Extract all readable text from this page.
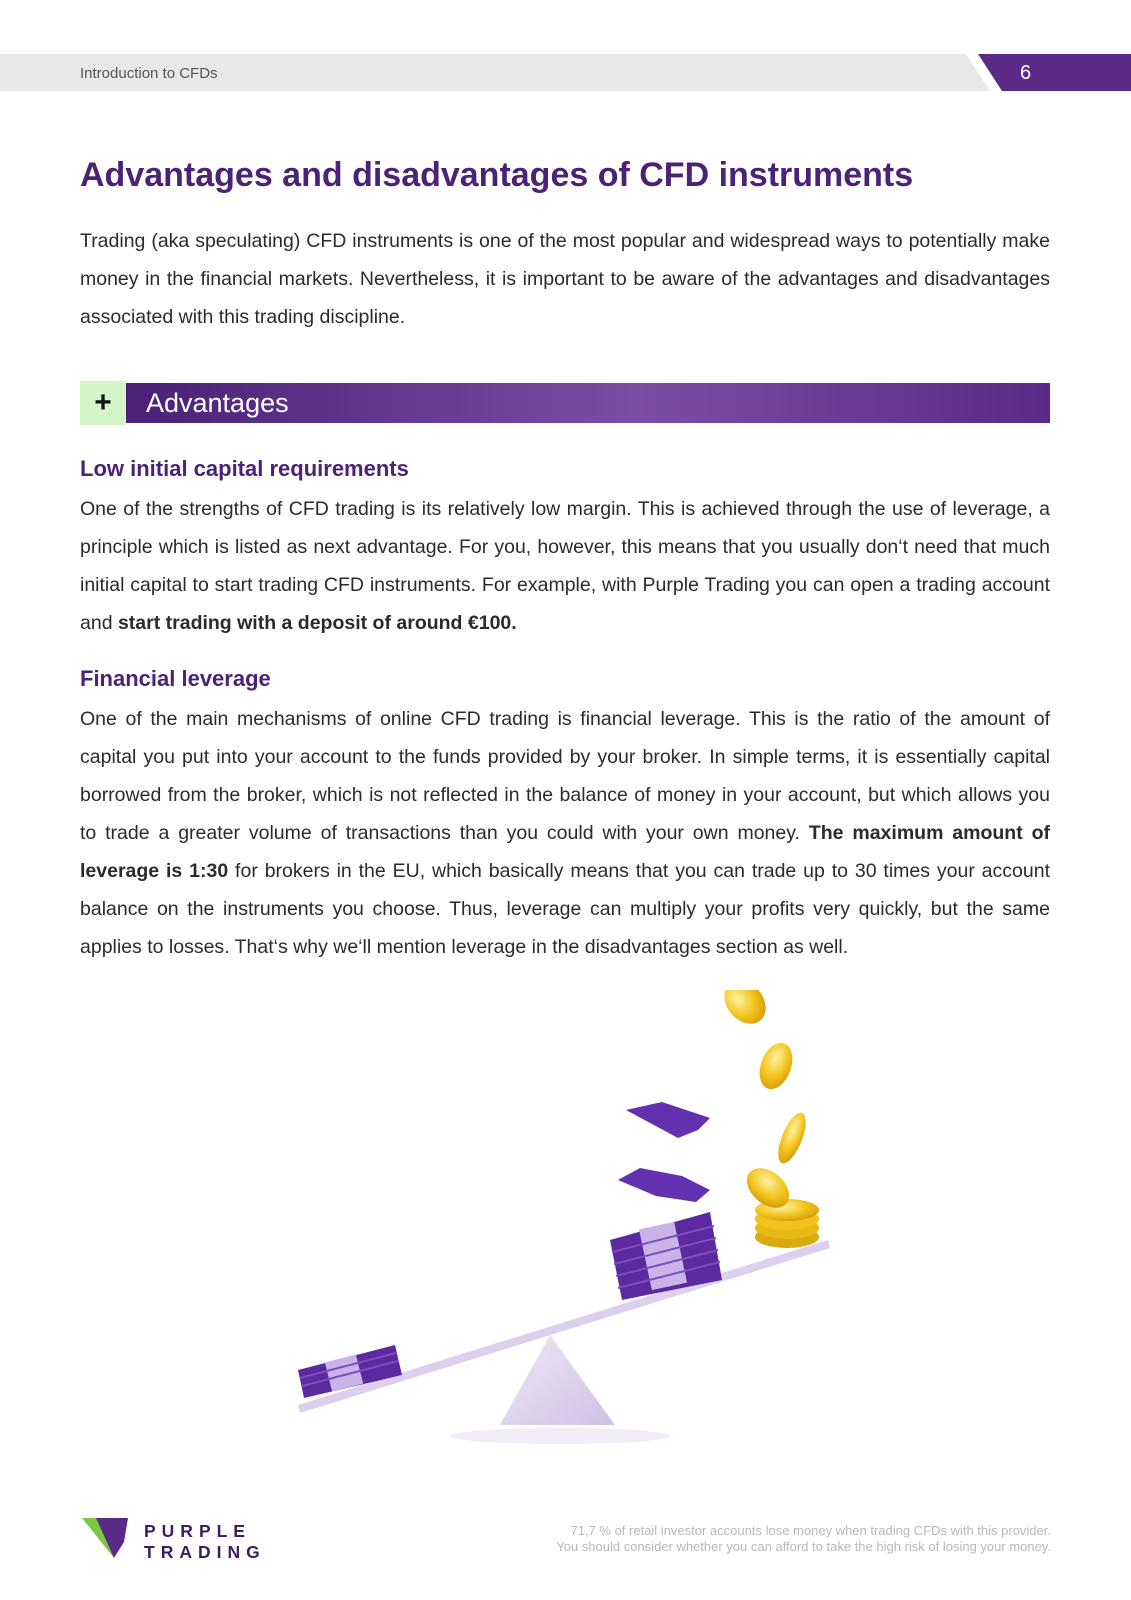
Introduction to CFDs	6
Advantages and disadvantages of CFD instruments

Trading (aka speculating) CFD instruments is one of the most popular and widespread ways to potentially make money in the financial markets. Nevertheless, it is important to be aware of the advantages and disadvantages associated with this trading discipline.

+	Advantages
Low initial capital requirements

One of the strengths of CFD trading is its relatively low margin. This is achieved through the use of leverage, a principle which is listed as next advantage. For you, however, this means that you usually don‘t need that much initial capital to start trading CFD instruments. For example, with Purple Trading you can open a trading account and start trading with a deposit of around €100.

Financial leverage

One of the main mechanisms of online CFD trading is financial leverage. This is the ratio of the amount of capital you put into your account to the funds provided by your broker. In simple terms, it is essentially capital borrowed from the broker, which is not reflected in the balance of money in your account, but which allows you to trade a greater volume of transactions than you could with your own money. The maximum amount of leverage is 1:30 for brokers in the EU, which basically means that you can trade up to 30 times your account balance on the instruments you choose. Thus, leverage can multiply your profits very quickly, but the same applies to losses. That‘s why we‘ll mention leverage in the disadvantages section as well.

PURPLE
TRADING
71,7 % of retail investor accounts lose money when trading CFDs with this provider.
You should consider whether you can afford to take the high risk of losing your money.
